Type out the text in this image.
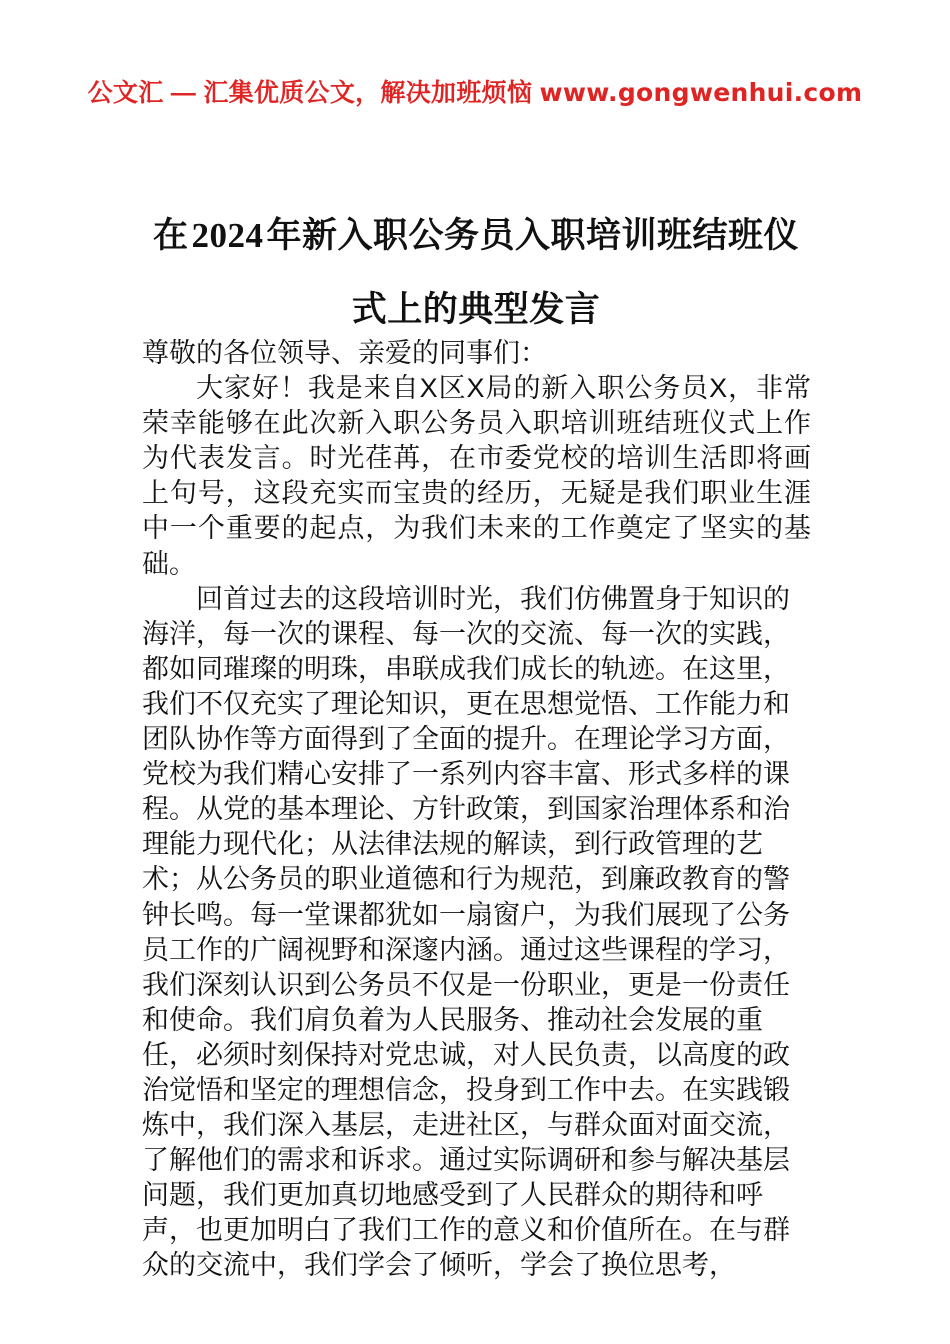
公文汇 — 汇集优质公文，解决加班烦恼 www.gongwenhui.com
在2024年新入职公务员入职培训班结班仪式上的典型发言

尊敬的各位领导、亲爱的同事们：

大家好！我是来自X区X局的新入职公务员X，非常荣幸能够在此次新入职公务员入职培训班结班仪式上作为代表发言。时光荏苒，在市委党校的培训生活即将画上句号，这段充实而宝贵的经历，无疑是我们职业生涯中一个重要的起点，为我们未来的工作奠定了坚实的基础。

回首过去的这段培训时光，我们仿佛置身于知识的海洋，每一次的课程、每一次的交流、每一次的实践，都如同璀璨的明珠，串联成我们成长的轨迹。在这里，我们不仅充实了理论知识，更在思想觉悟、工作能力和团队协作等方面得到了全面的提升。在理论学习方面，党校为我们精心安排了一系列内容丰富、形式多样的课程。从党的基本理论、方针政策，到国家治理体系和治理能力现代化；从法律法规的解读，到行政管理的艺术；从公务员的职业道德和行为规范，到廉政教育的警钟长鸣。每一堂课都犹如一扇窗户，为我们展现了公务员工作的广阔视野和深邃内涵。通过这些课程的学习，我们深刻认识到公务员不仅是一份职业，更是一份责任和使命。我们肩负着为人民服务、推动社会发展的重任，必须时刻保持对党忠诚，对人民负责，以高度的政治觉悟和坚定的理想信念，投身到工作中去。在实践锻炼中，我们深入基层，走进社区，与群众面对面交流，了解他们的需求和诉求。通过实际调研和参与解决基层问题，我们更加真切地感受到了人民群众的期待和呼声，也更加明白了我们工作的意义和价值所在。在与群众的交流中，我们学会了倾听，学会了换位思考，
